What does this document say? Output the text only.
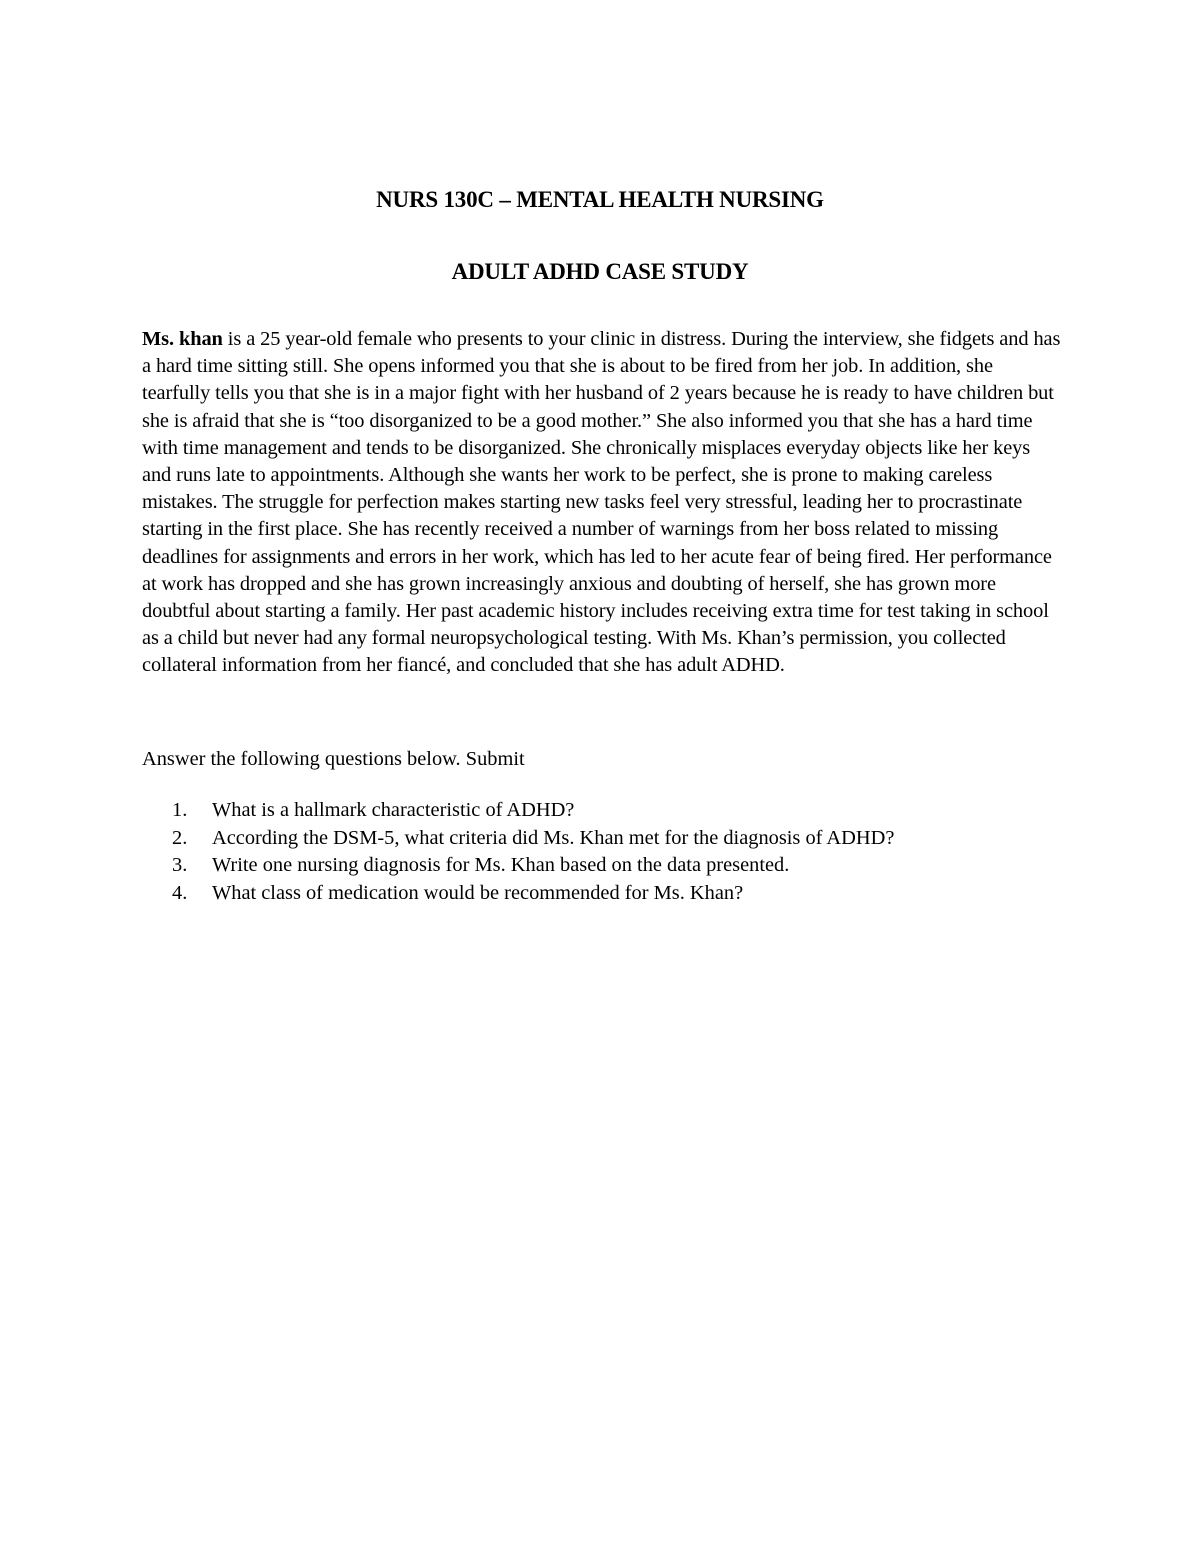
NURS 130C – MENTAL HEALTH NURSING
ADULT ADHD CASE STUDY

Ms. khan is a 25 year-old female who presents to your clinic in distress. During the interview, she fidgets and has a hard time sitting still. She opens informed you that she is about to be fired from her job. In addition, she tearfully tells you that she is in a major fight with her husband of 2 years because he is ready to have children but she is afraid that she is “too disorganized to be a good mother.” She also informed you that she has a hard time with time management and tends to be disorganized. She chronically misplaces everyday objects like her keys and runs late to appointments. Although she wants her work to be perfect, she is prone to making careless mistakes. The struggle for perfection makes starting new tasks feel very stressful, leading her to procrastinate starting in the first place. She has recently received a number of warnings from her boss related to missing deadlines for assignments and errors in her work, which has led to her acute fear of being fired. Her performance at work has dropped and she has grown increasingly anxious and doubting of herself, she has grown more doubtful about starting a family. Her past academic history includes receiving extra time for test taking in school as a child but never had any formal neuropsychological testing. With Ms. Khan’s permission, you collected collateral information from her fiancé, and concluded that she has adult ADHD.

Answer the following questions below. Submit

1.	What is a hallmark characteristic of ADHD?
2.	According the DSM-5, what criteria did Ms. Khan met for the diagnosis of ADHD?
3.	Write one nursing diagnosis for Ms. Khan based on the data presented.
4.	What class of medication would be recommended for Ms. Khan?
